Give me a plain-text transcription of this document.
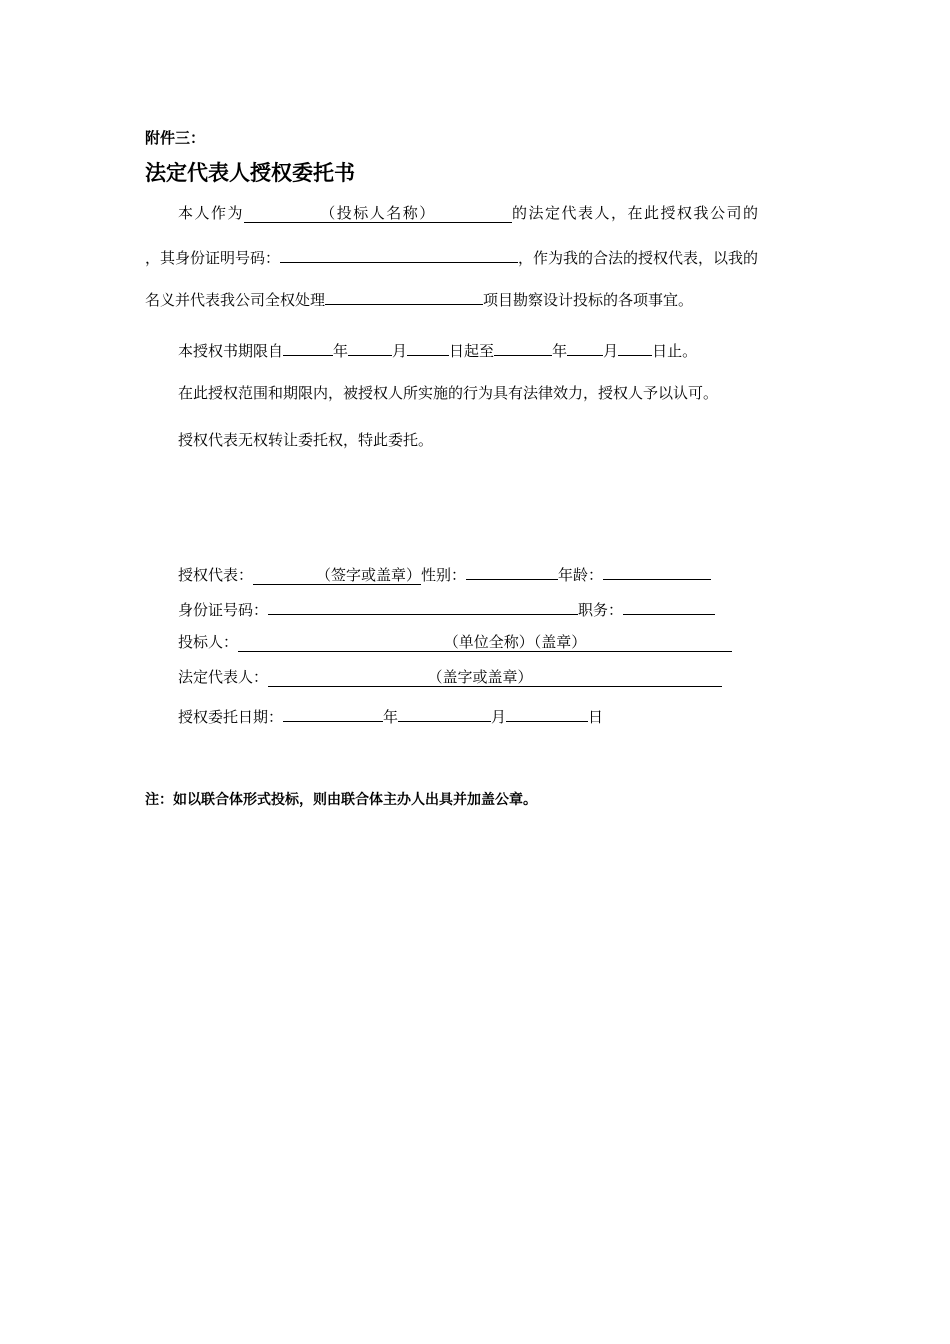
附件三：
法定代表人授权委托书
本人作为	（投标人名称）	的法定代表人，在此授权我公司的
，其身份证明号码：	，作为我的合法的授权代表，以我的
名义并代表我公司全权处理	项目勘察设计投标的各项事宜。
本授权书期限自	年	月	日起至	年 月 日止。
在此授权范围和期限内，被授权人所实施的行为具有法律效力，授权人予以认可。
授权代表无权转让委托权，特此委托。
授权代表：	（签字或盖章）性别：	年龄：
身份证号码：	职务：
投标人：	（单位全称）（盖章）
法定代表人：	（盖字或盖章）
授权委托日期：	年	月	日
注：如以联合体形式投标，则由联合体主办人出具并加盖公章。
